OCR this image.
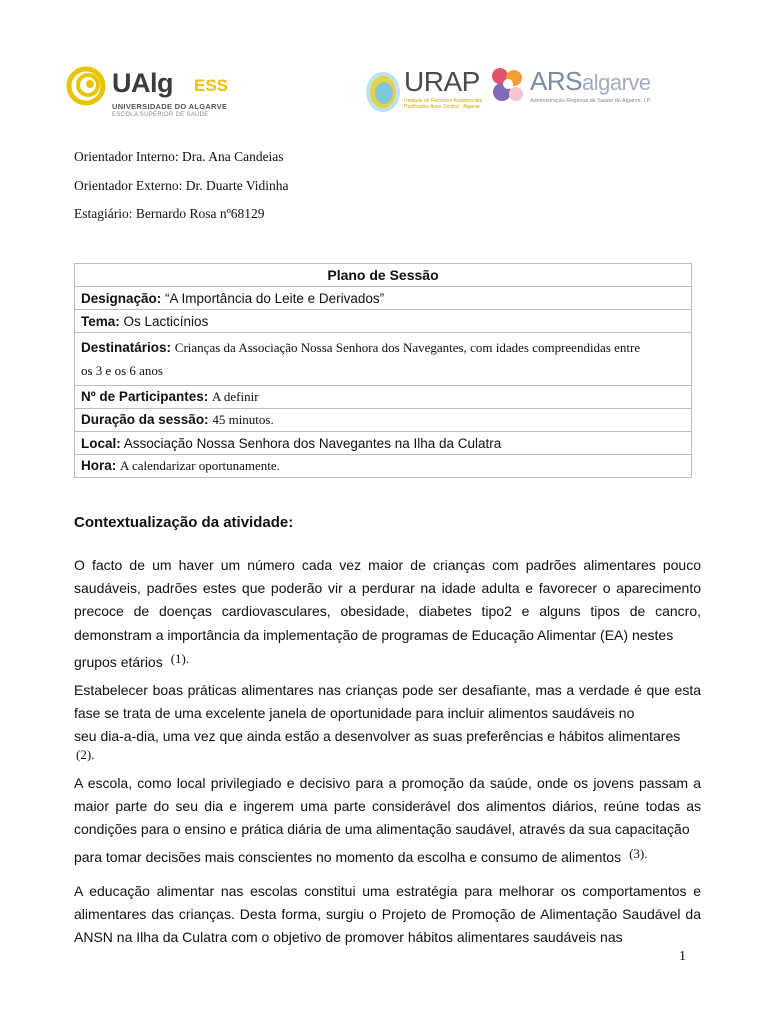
UAlg ESS
UNIVERSIDADE DO ALGARVE
ESCOLA SUPERIOR DE SAÚDE
URAP
Unidade de Recursos Assistenciais Partilhados Aces Central · Algarve
ARSalgarve
Administração Regional de Saúde do Algarve, I.P.
Orientador Interno: Dra. Ana Candeias
Orientador Externo: Dr. Duarte Vidinha
Estagiário: Bernardo Rosa nº68129
Plano de Sessão
Designação: “A Importância do Leite e Derivados”
Tema: Os Lacticínios
Destinatários: Crianças da Associação Nossa Senhora dos Navegantes, com idades compreendidas entre
os 3 e os 6 anos
Nº de Participantes: A definir
Duração da sessão: 45 minutos.
Local: Associação Nossa Senhora dos Navegantes na Ilha da Culatra
Hora: A calendarizar oportunamente.
Contextualização da atividade:
O facto de um haver um número cada vez maior de crianças com padrões alimentares pouco saudáveis, padrões estes que poderão vir a perdurar na idade adulta e favorecer o aparecimento precoce de doenças cardiovasculares, obesidade, diabetes tipo2 e alguns tipos de cancro, demonstram a importância da implementação de programas de Educação Alimentar (EA) nestes
grupos etários (1).
Estabelecer boas práticas alimentares nas crianças pode ser desafiante, mas a verdade é que esta fase se trata de uma excelente janela de oportunidade para incluir alimentos saudáveis no
seu dia-a-dia, uma vez que ainda estão a desenvolver as suas preferências e hábitos alimentares
(2).
A escola, como local privilegiado e decisivo para a promoção da saúde, onde os jovens passam a maior parte do seu dia e ingerem uma parte considerável dos alimentos diários, reúne todas as condições para o ensino e prática diária de uma alimentação saudável, através da sua capacitação
para tomar decisões mais conscientes no momento da escolha e consumo de alimentos (3).
A educação alimentar nas escolas constitui uma estratégia para melhorar os comportamentos e alimentares das crianças. Desta forma, surgiu o Projeto de Promoção de Alimentação Saudável da ANSN na Ilha da Culatra com o objetivo de promover hábitos alimentares saudáveis nas
1
